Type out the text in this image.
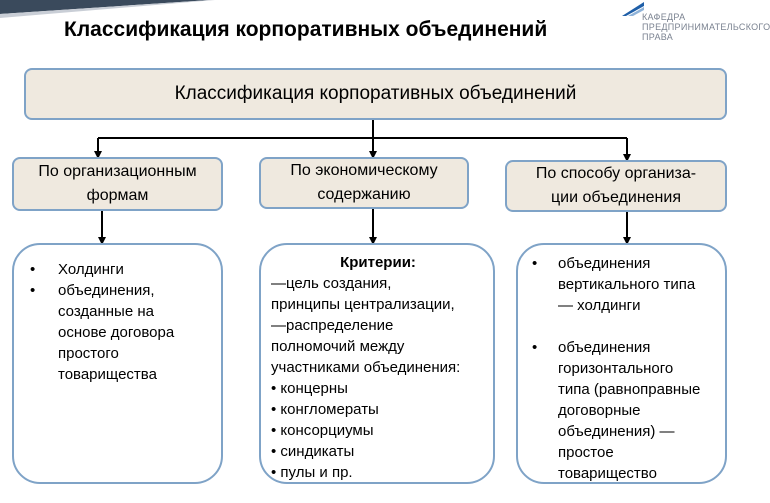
Классификация корпоративных объединений
КАФЕДРА
ПРЕДПРИНИМАТЕЛЬСКОГО
ПРАВА
Классификация корпоративных объединений
По организационным
формам
По экономическому
содержанию
По способу организа-
ции объединения
• Холдинги
• объединения,
созданные на
основе договора
простого
товарищества
Критерии:
—цель создания,
принципы централизации,
—распределение
полномочий между
участниками объединения:
• концерны
• конгломераты
• консорциумы
• синдикаты
• пулы и пр.
• объединения
вертикального типа
— холдинги
• объединения
горизонтального
типа (равноправные
договорные
объединения) —
простое
товарищество
